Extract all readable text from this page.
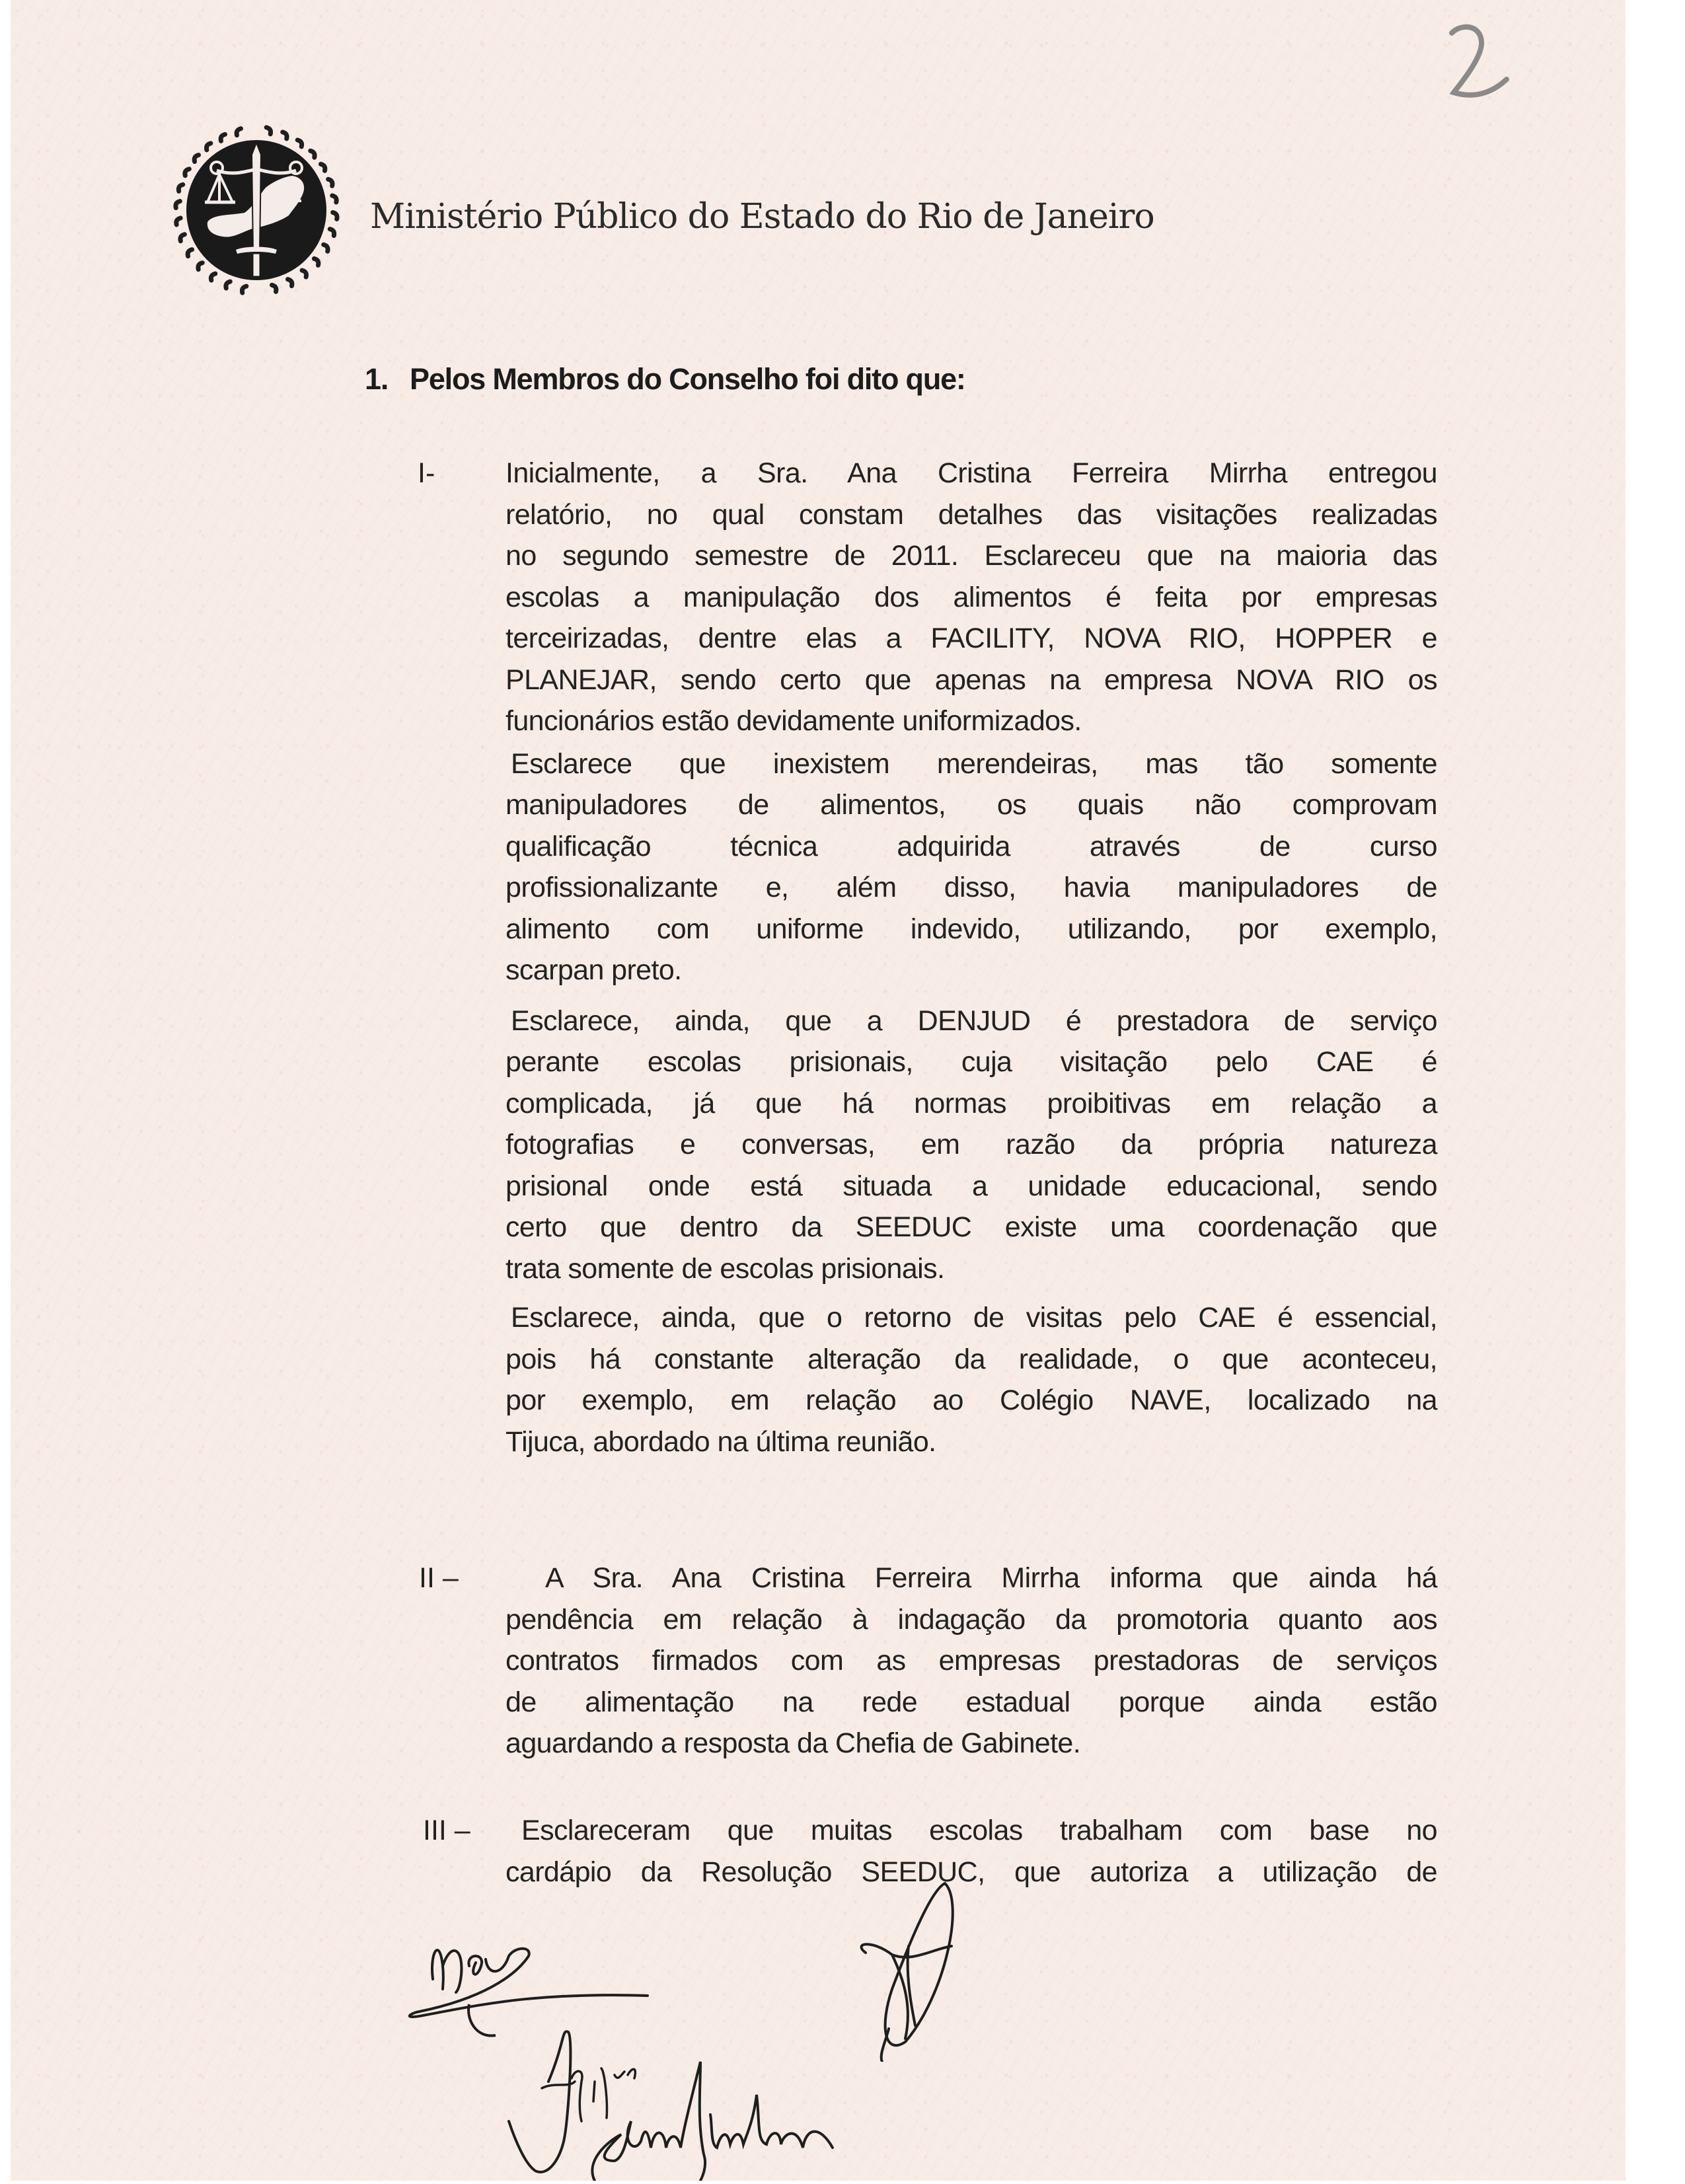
Ministério Público do Estado do Rio de Janeiro
1. Pelos Membros do Conselho foi dito que:
I- Inicialmente, a Sra. Ana Cristina Ferreira Mirrha entregou
relatório, no qual constam detalhes das visitações realizadas
no segundo semestre de 2011. Esclareceu que na maioria das
escolas a manipulação dos alimentos é feita por empresas
terceirizadas, dentre elas a FACILITY, NOVA RIO, HOPPER e
PLANEJAR, sendo certo que apenas na empresa NOVA RIO os
funcionários estão devidamente uniformizados.
Esclarece que inexistem merendeiras, mas tão somente
manipuladores de alimentos, os quais não comprovam
qualificação técnica adquirida através de curso
profissionalizante e, além disso, havia manipuladores de
alimento com uniforme indevido, utilizando, por exemplo,
scarpan preto.
Esclarece, ainda, que a DENJUD é prestadora de serviço
perante escolas prisionais, cuja visitação pelo CAE é
complicada, já que há normas proibitivas em relação a
fotografias e conversas, em razão da própria natureza
prisional onde está situada a unidade educacional, sendo
certo que dentro da SEEDUC existe uma coordenação que
trata somente de escolas prisionais.
Esclarece, ainda, que o retorno de visitas pelo CAE é essencial,
pois há constante alteração da realidade, o que aconteceu,
por exemplo, em relação ao Colégio NAVE, localizado na
Tijuca, abordado na última reunião.
II –	A Sra. Ana Cristina Ferreira Mirrha informa que ainda há
pendência em relação à indagação da promotoria quanto aos
contratos firmados com as empresas prestadoras de serviços
de alimentação na rede estadual porque ainda estão
aguardando a resposta da Chefia de Gabinete.
III – Esclareceram que muitas escolas trabalham com base no
cardápio da Resolução SEEDUC, que autoriza a utilização de
